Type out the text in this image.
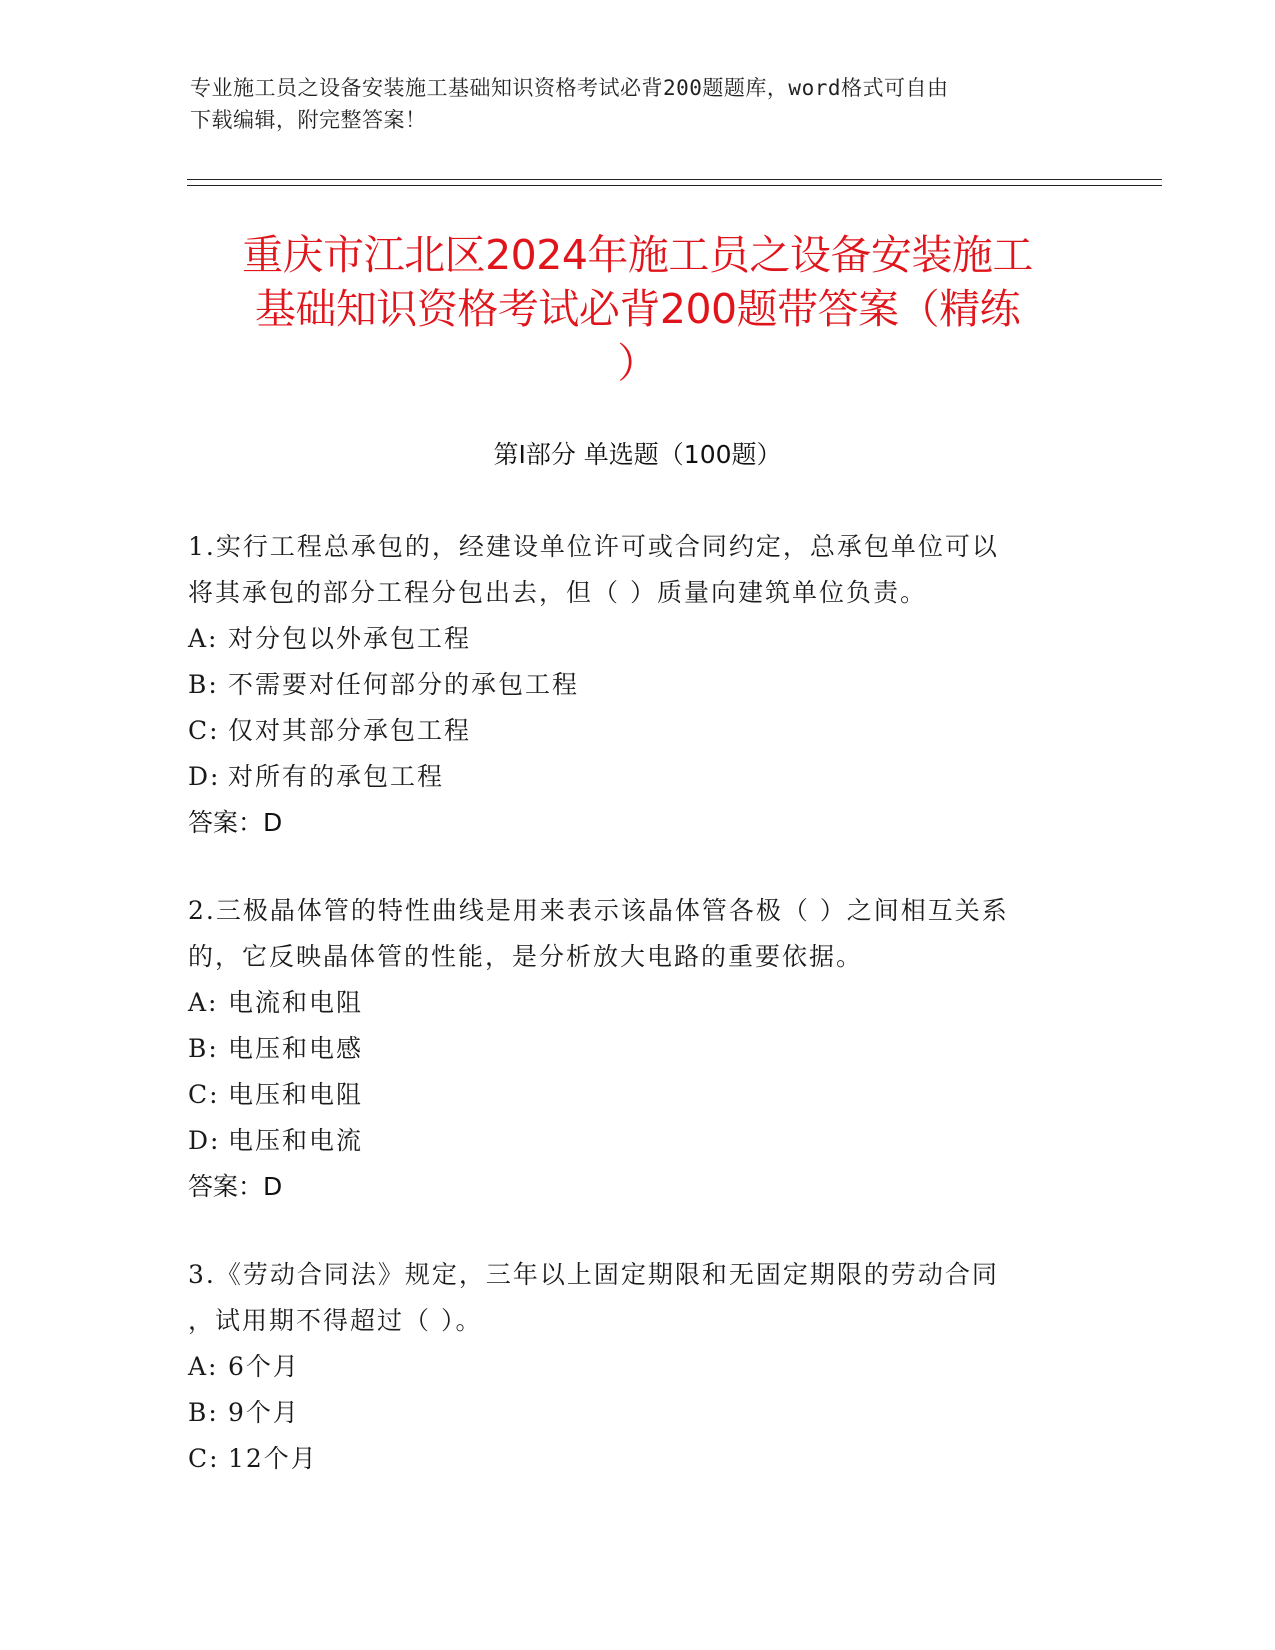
专业施工员之设备安装施工基础知识资格考试必背200题题库，word格式可自由
下载编辑，附完整答案！
重庆市江北区2024年施工员之设备安装施工
基础知识资格考试必背200题带答案（精练
）
第Ⅰ部分 单选题（100题）

1.实行工程总承包的，经建设单位许可或合同约定，总承包单位可以

将其承包的部分工程分包出去，但（ ）质量向建筑单位负责。

A: 对分包以外承包工程

B: 不需要对任何部分的承包工程

C: 仅对其部分承包工程

D: 对所有的承包工程

答案：D

2.三极晶体管的特性曲线是用来表示该晶体管各极（ ）之间相互关系

的，它反映晶体管的性能，是分析放大电路的重要依据。

A: 电流和电阻

B: 电压和电感

C: 电压和电阻

D: 电压和电流

答案：D

3.《劳动合同法》规定，三年以上固定期限和无固定期限的劳动合同

，试用期不得超过（ ）。

A: 6个月

B: 9个月

C: 12个月
